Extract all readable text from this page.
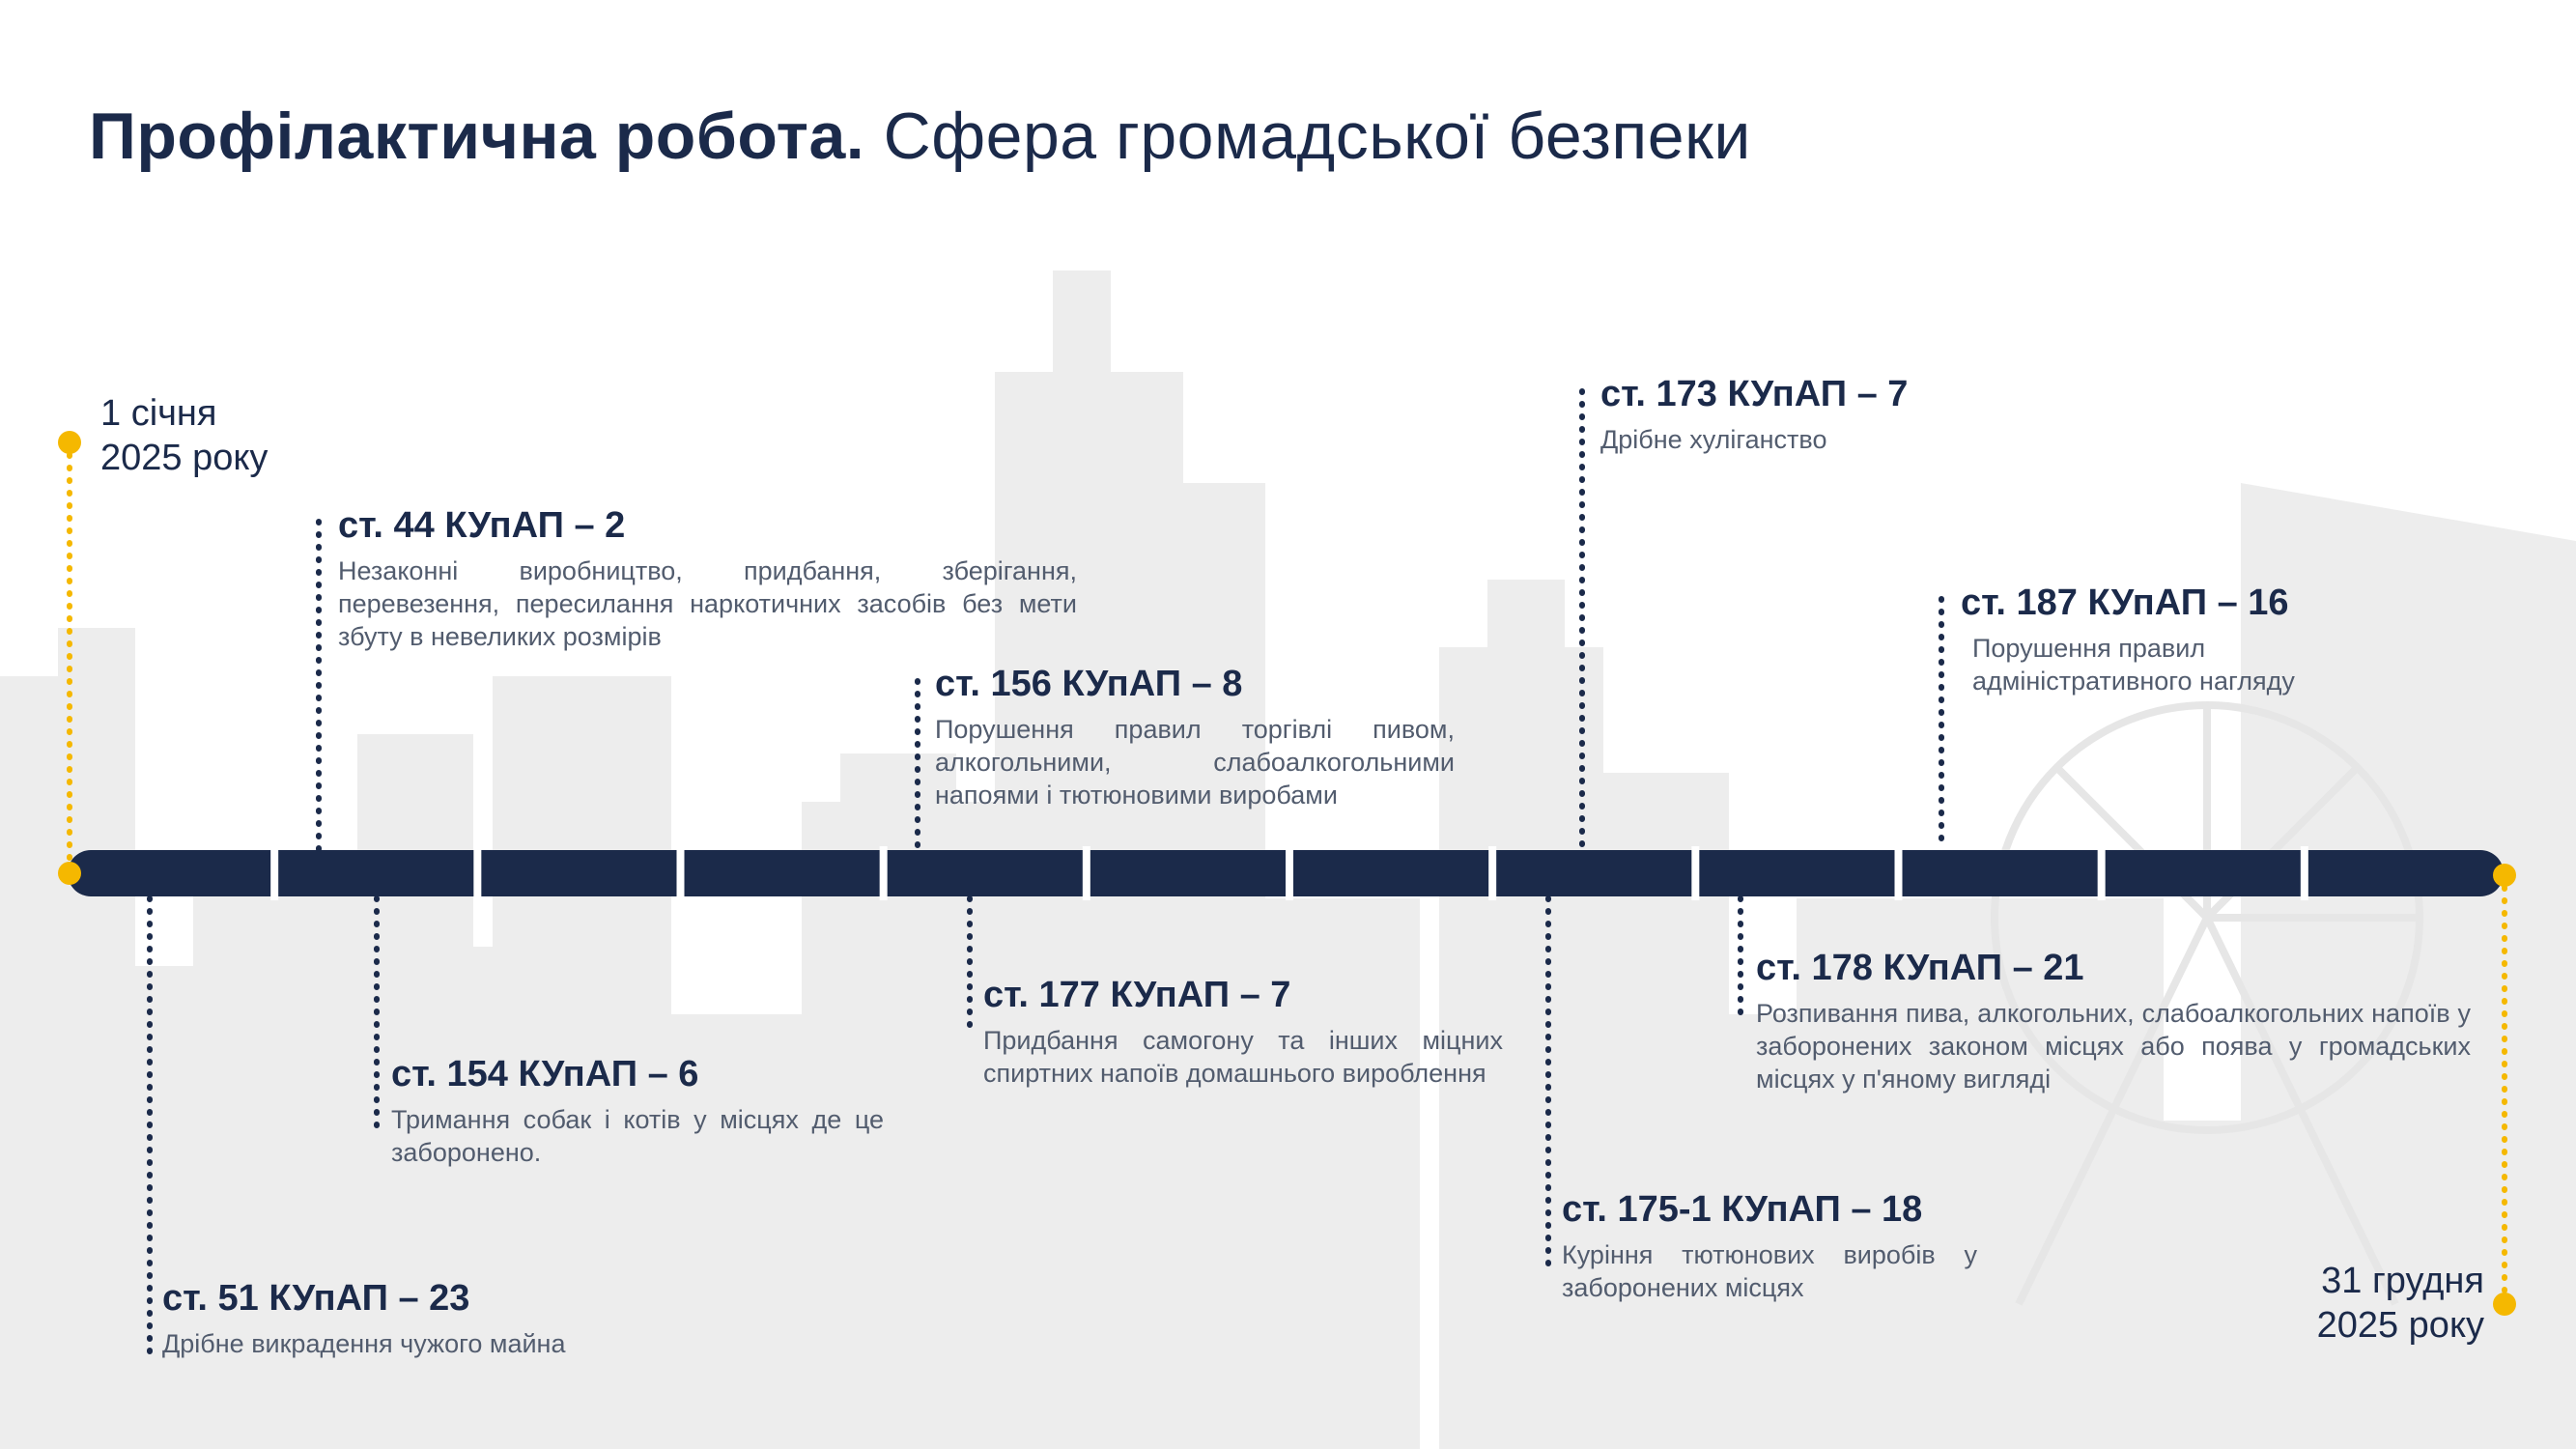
Профілактична робота. Сфера громадської безпеки
1 січня
2025 року
31 грудня
2025 року
ст. 44 КУпАП – 2
Незаконні виробництво, придбання, зберігання, перевезення, пересилання наркотичних засобів без мети збуту в невеликих розмірів
ст. 51 КУпАП – 23
Дрібне викрадення чужого майна
ст. 154 КУпАП – 6
Тримання собак і котів у місцях де це заборонено.
ст. 156 КУпАП – 8
Порушення правил торгівлі пивом, алкогольними, слабоалкогольними напоями і тютюновими виробами
ст. 177 КУпАП – 7
Придбання самогону та інших міцних спиртних напоїв домашнього вироблення
ст. 173 КУпАП – 7
Дрібне хуліганство
ст. 175-1 КУпАП – 18
Куріння тютюнових виробів у заборонених місцях
ст. 178 КУпАП – 21
Розпивання пива, алкогольних, слабоалкогольних напоїв у заборонених законом місцях або поява у громадських місцях у п'яному вигляді
ст. 187 КУпАП – 16
Порушення правил адміністративного нагляду
